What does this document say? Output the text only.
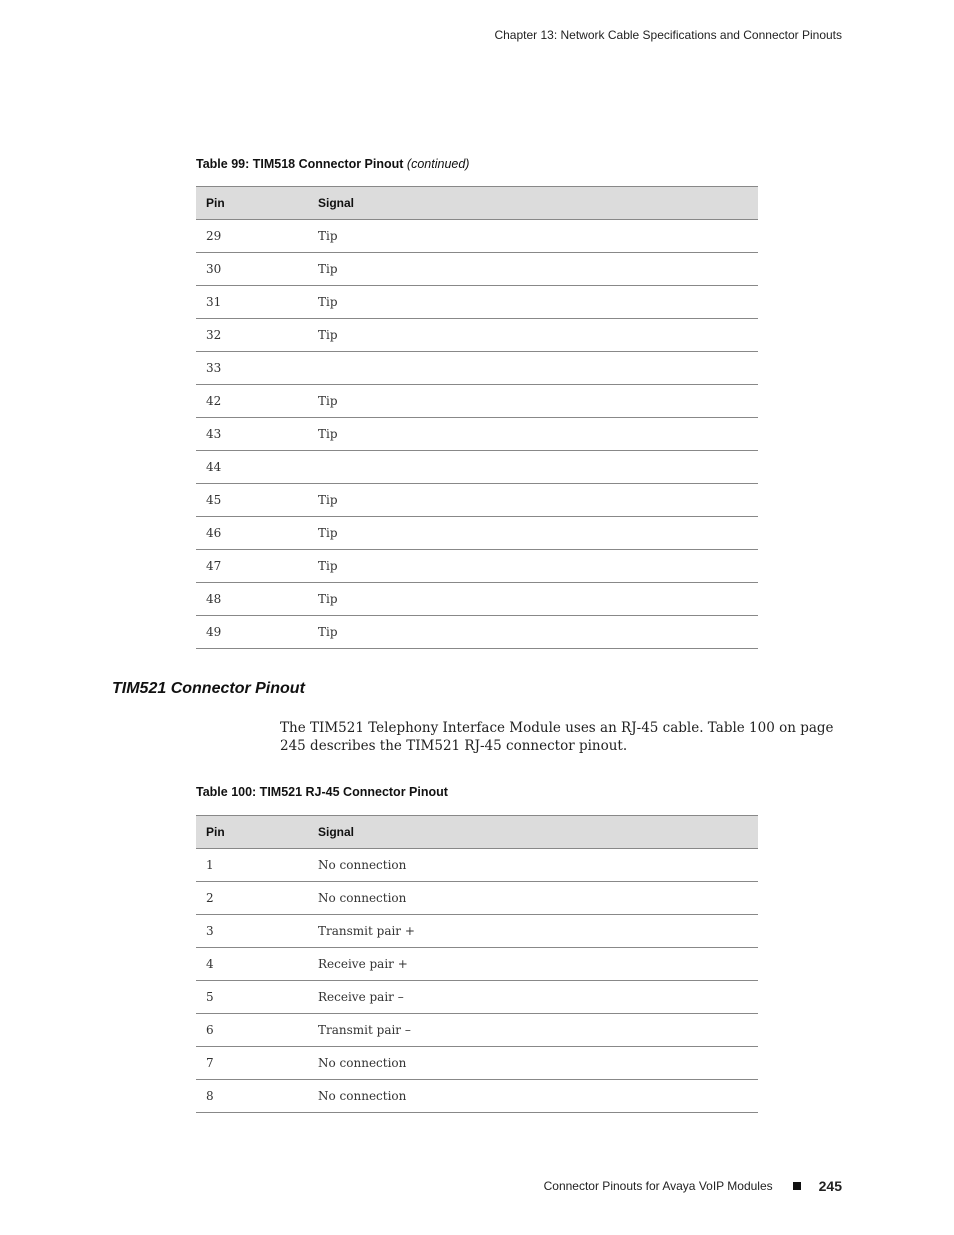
Chapter 13: Network Cable Specifications and Connector Pinouts
Table 99: TIM518 Connector Pinout (continued)
Pin	Signal
29	Tip
30	Tip
31	Tip
32	Tip
33	
42	Tip
43	Tip
44	
45	Tip
46	Tip
47	Tip
48	Tip
49	Tip
TIM521 Connector Pinout
The TIM521 Telephony Interface Module uses an RJ-45 cable. Table 100 on page 245 describes the TIM521 RJ-45 connector pinout.
Table 100: TIM521 RJ-45 Connector Pinout
Pin	Signal
1	No connection
2	No connection
3	Transmit pair +
4	Receive pair +
5	Receive pair –
6	Transmit pair –
7	No connection
8	No connection
Connector Pinouts for Avaya VoIP Modules	245
